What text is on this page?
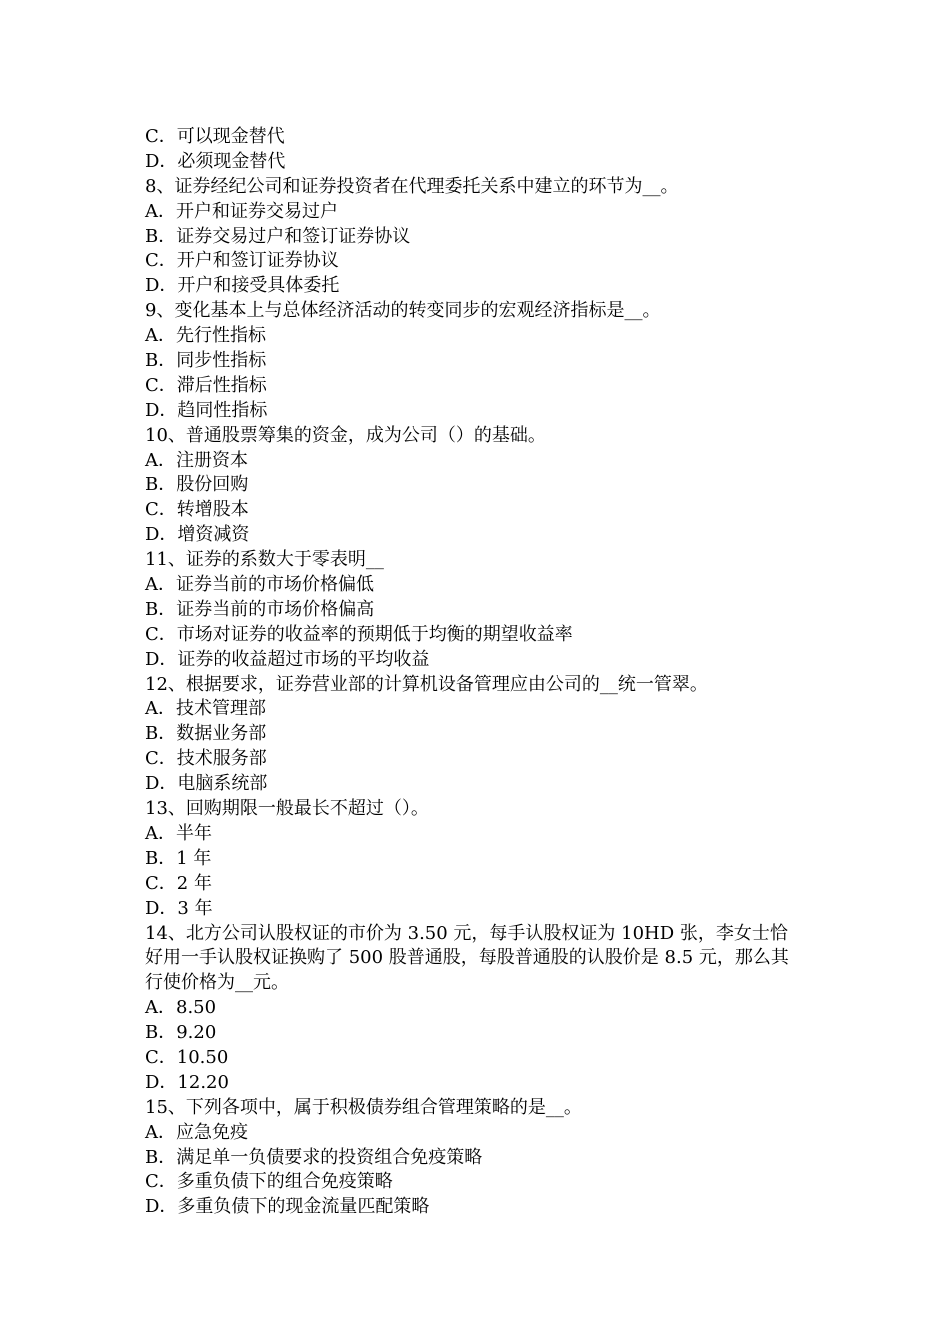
C．可以现金替代
D．必须现金替代
8、证券经纪公司和证券投资者在代理委托关系中建立的环节为__。
A．开户和证券交易过户
B．证券交易过户和签订证券协议
C．开户和签订证券协议
D．开户和接受具体委托
9、变化基本上与总体经济活动的转变同步的宏观经济指标是__。
A．先行性指标
B．同步性指标
C．滞后性指标
D．趋同性指标
10、普通股票筹集的资金，成为公司（）的基础。
A．注册资本
B．股份回购
C．转增股本
D．增资减资
11、证券的系数大于零表明__
A．证券当前的市场价格偏低
B．证券当前的市场价格偏高
C．市场对证券的收益率的预期低于均衡的期望收益率
D．证券的收益超过市场的平均收益
12、根据要求，证券营业部的计算机设备管理应由公司的__统一管翠。
A．技术管理部
B．数据业务部
C．技术服务部
D．电脑系统部
13、回购期限一般最长不超过（）。
A．半年
B．1 年
C．2 年
D．3 年
14、北方公司认股权证的市价为 3.50 元，每手认股权证为 10HD 张，李女士恰
好用一手认股权证换购了 500 股普通股，每股普通股的认股价是 8.5 元，那么其
行使价格为__元。
A．8.50
B．9.20
C．10.50
D．12.20
15、下列各项中，属于积极债券组合管理策略的是__。
A．应急免疫
B．满足单一负债要求的投资组合免疫策略
C．多重负债下的组合免疫策略
D．多重负债下的现金流量匹配策略
